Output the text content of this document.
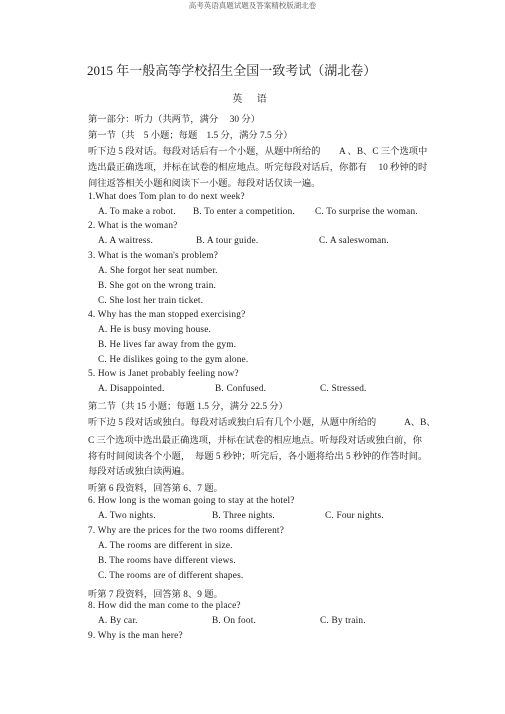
高考英语真题试题及答案精校版湖北卷
2015 年一般高等学校招生全国一致考试（湖北卷）
英 语
第一部分：听力（共两节，满分　 30 分）
第一节（共　5 小题；每题　1.5 分，满分 7.5 分）
听下边 5 段对话。每段对话后有一个小题，从题中所给的　　A 、B、C 三个选项中
选出最正确选项，并标在试卷的相应地点。听完每段对话后，你都有　 10 秒钟的时
间往返答相关小题和阅读下一小题。每段对话仅读一遍。
1.What does Tom plan to do next week?
A. To make a robot. B. To enter a competition. C. To surprise the woman.
2. What is the woman?
A. A waitress.	B. A tour guide.	C. A saleswoman.
3. What is the woman's problem?
A. She forgot her seat number.
B. She got on the wrong train.
C. She lost her train ticket.
4. Why has the man stopped exercising?
A. He is busy moving house.
B. He lives far away from the gym.
C. He dislikes going to the gym alone.
5. How is Janet probably feeling now?
A. Disappointed.	B. Confused.	C. Stressed.
第二节（共 15 小题；每题 1.5 分，满分 22.5 分）
听下边 5 段对话或独白。每段对话或独白后有几个小题，从题中所给的　　　A、B、
C 三个选项中选出最正确选项，并标在试卷的相应地点。听每段对话或独白前，你
将有时间阅读各个小题，　每题 5 秒钟；听完后，各小题将给出 5 秒钟的作答时间。
每段对话或独白读两遍。
听第 6 段资料，回答第 6、7 题。
6. How long is the woman going to stay at the hotel?
A. Two nights.	B. Three nights.	C. Four nights.
7. Why are the prices for the two rooms different?
A. The rooms are different in size.
B. The rooms have different views.
C. The rooms are of different shapes.
听第 7 段资料，回答第 8、9 题。
8. How did the man come to the place?
A. By car.	B. On foot.	C. By train.
9. Why is the man here?
